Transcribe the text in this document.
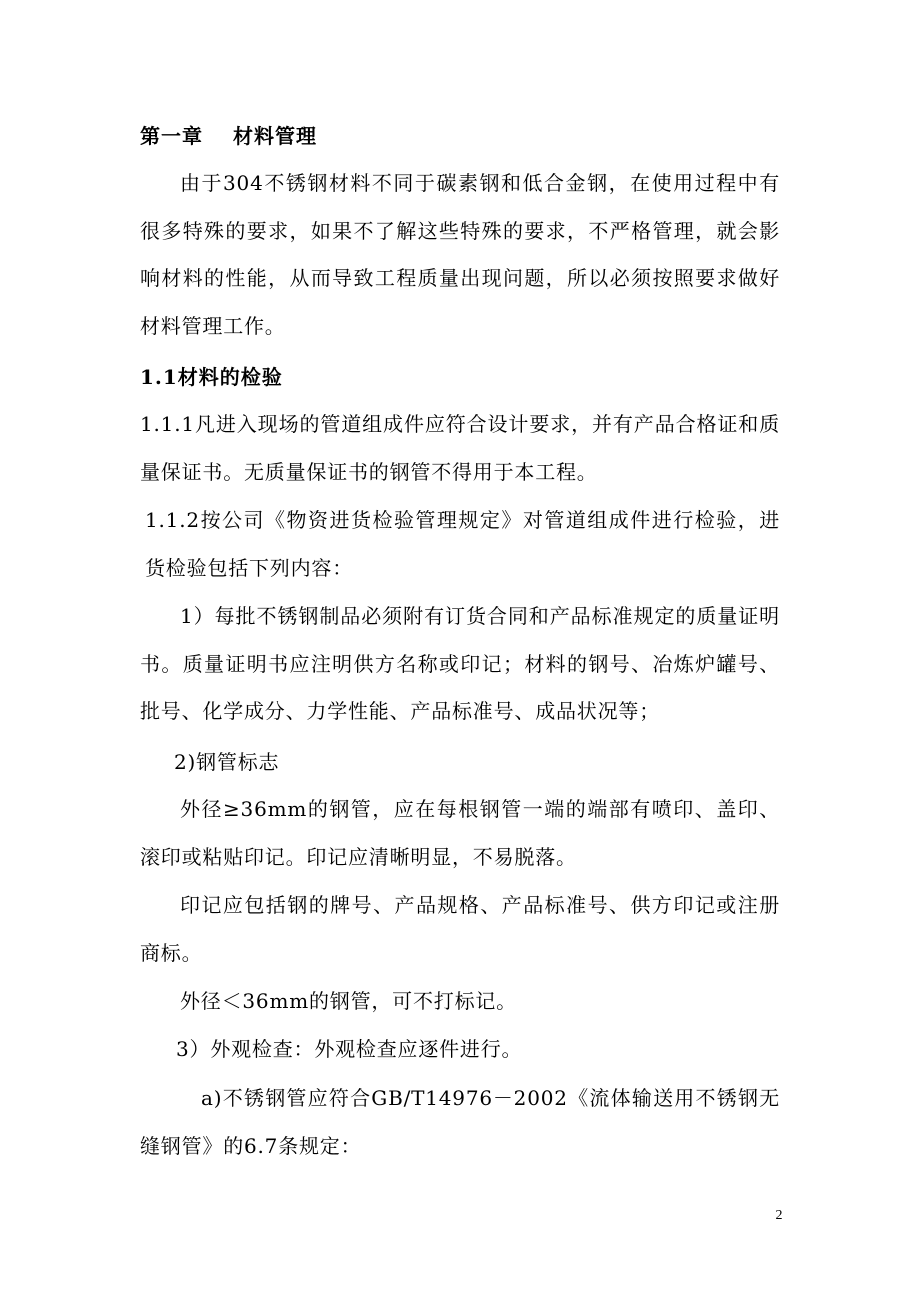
第一章 材料管理

由于304不锈钢材料不同于碳素钢和低合金钢，在使用过程中有很多特殊的要求，如果不了解这些特殊的要求，不严格管理，就会影响材料的性能，从而导致工程质量出现问题，所以必须按照要求做好材料管理工作。

1.1材料的检验

1.1.1凡进入现场的管道组成件应符合设计要求，并有产品合格证和质量保证书。无质量保证书的钢管不得用于本工程。

1.1.2按公司《物资进货检验管理规定》对管道组成件进行检验，进货检验包括下列内容：

1）每批不锈钢制品必须附有订货合同和产品标准规定的质量证明书。质量证明书应注明供方名称或印记；材料的钢号、冶炼炉罐号、批号、化学成分、力学性能、产品标准号、成品状况等；

2)钢管标志

外径≥36mm的钢管，应在每根钢管一端的端部有喷印、盖印、滚印或粘贴印记。印记应清晰明显，不易脱落。

印记应包括钢的牌号、产品规格、产品标准号、供方印记或注册商标。

外径＜36mm的钢管，可不打标记。
3）外观检查：外观检查应逐件进行。

a)不锈钢管应符合GB/T14976－2002《流体输送用不锈钢无缝钢管》的6.7条规定：

2
